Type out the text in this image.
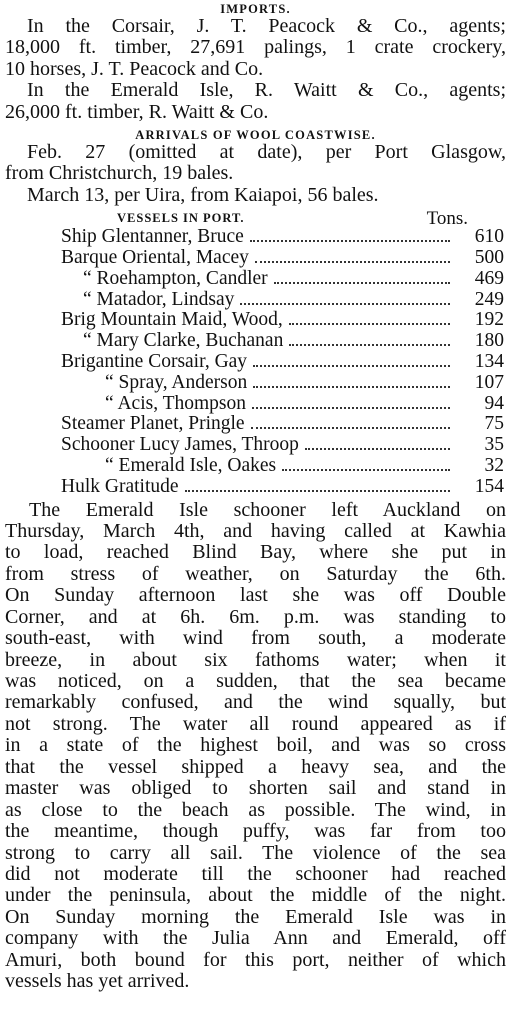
IMPORTS.
In the Corsair, J. T. Peacock & Co., agents;
18,000 ft. timber, 27,691 palings, 1 crate crockery,
10 horses, J. T. Peacock and Co.
In the Emerald Isle, R. Waitt & Co., agents;
26,000 ft. timber, R. Waitt & Co.
ARRIVALS OF WOOL COASTWISE.
Feb. 27 (omitted at date), per Port Glasgow,
from Christchurch, 19 bales.
March 13, per Uira, from Kaiapoi, 56 bales.
VESSELS IN PORT.	Tons.
Ship Glentanner, Bruce	610
Barque Oriental, Macey	500
“ Roehampton, Candler	469
“ Matador, Lindsay	249
Brig Mountain Maid, Wood,	192
“ Mary Clarke, Buchanan	180
Brigantine Corsair, Gay	134
“ Spray, Anderson	107
“ Acis, Thompson	94
Steamer Planet, Pringle	75
Schooner Lucy James, Throop	35
“ Emerald Isle, Oakes	32
Hulk Gratitude	154
The Emerald Isle schooner left Auckland on
Thursday, March 4th, and having called at Kawhia
to load, reached Blind Bay, where she put in
from stress of weather, on Saturday the 6th.
On Sunday afternoon last she was off Double
Corner, and at 6h. 6m. p.m. was standing to
south-east, with wind from south, a moderate
breeze, in about six fathoms water; when it
was noticed, on a sudden, that the sea became
remarkably confused, and the wind squally, but
not strong. The water all round appeared as if
in a state of the highest boil, and was so cross
that the vessel shipped a heavy sea, and the
master was obliged to shorten sail and stand in
as close to the beach as possible. The wind, in
the meantime, though puffy, was far from too
strong to carry all sail. The violence of the sea
did not moderate till the schooner had reached
under the peninsula, about the middle of the night.
On Sunday morning the Emerald Isle was in
company with the Julia Ann and Emerald, off
Amuri, both bound for this port, neither of which
vessels has yet arrived.
